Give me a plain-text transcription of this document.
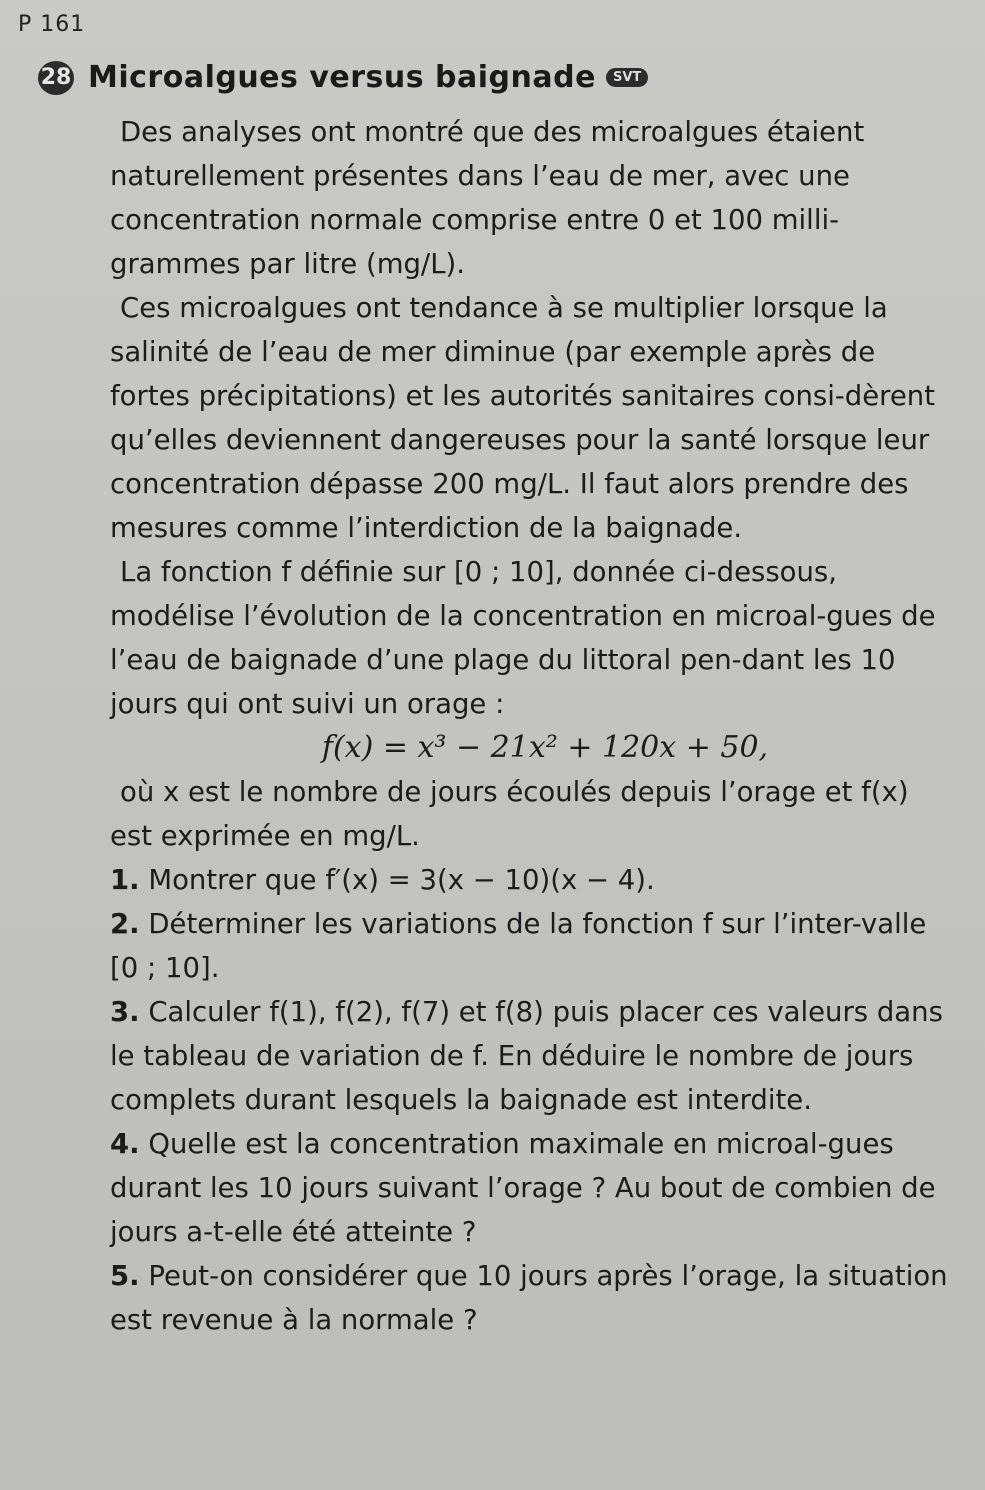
P 161
28 Microalgues versus baignade	SVT

Des analyses ont montré que des microalgues étaient naturellement présentes dans l’eau de mer, avec une concentration normale comprise entre 0 et 100 milli-grammes par litre (mg/L).

Ces microalgues ont tendance à se multiplier lorsque la salinité de l’eau de mer diminue (par exemple après de fortes précipitations) et les autorités sanitaires consi-dèrent qu’elles deviennent dangereuses pour la santé lorsque leur concentration dépasse 200 mg/L. Il faut alors prendre des mesures comme l’interdiction de la baignade.

La fonction f définie sur [0 ; 10], donnée ci-dessous, modélise l’évolution de la concentration en microal-gues de l’eau de baignade d’une plage du littoral pen-dant les 10 jours qui ont suivi un orage :

f(x) = x³ − 21x² + 120x + 50,

où x est le nombre de jours écoulés depuis l’orage et f(x) est exprimée en mg/L.

1. Montrer que f′(x) = 3(x − 10)(x − 4).

2. Déterminer les variations de la fonction f sur l’inter-valle [0 ; 10].

3. Calculer f(1), f(2), f(7) et f(8) puis placer ces valeurs dans le tableau de variation de f. En déduire le nombre de jours complets durant lesquels la baignade est interdite.

4. Quelle est la concentration maximale en microal-gues durant les 10 jours suivant l’orage ? Au bout de combien de jours a-t-elle été atteinte ?

5. Peut-on considérer que 10 jours après l’orage, la situation est revenue à la normale ?
